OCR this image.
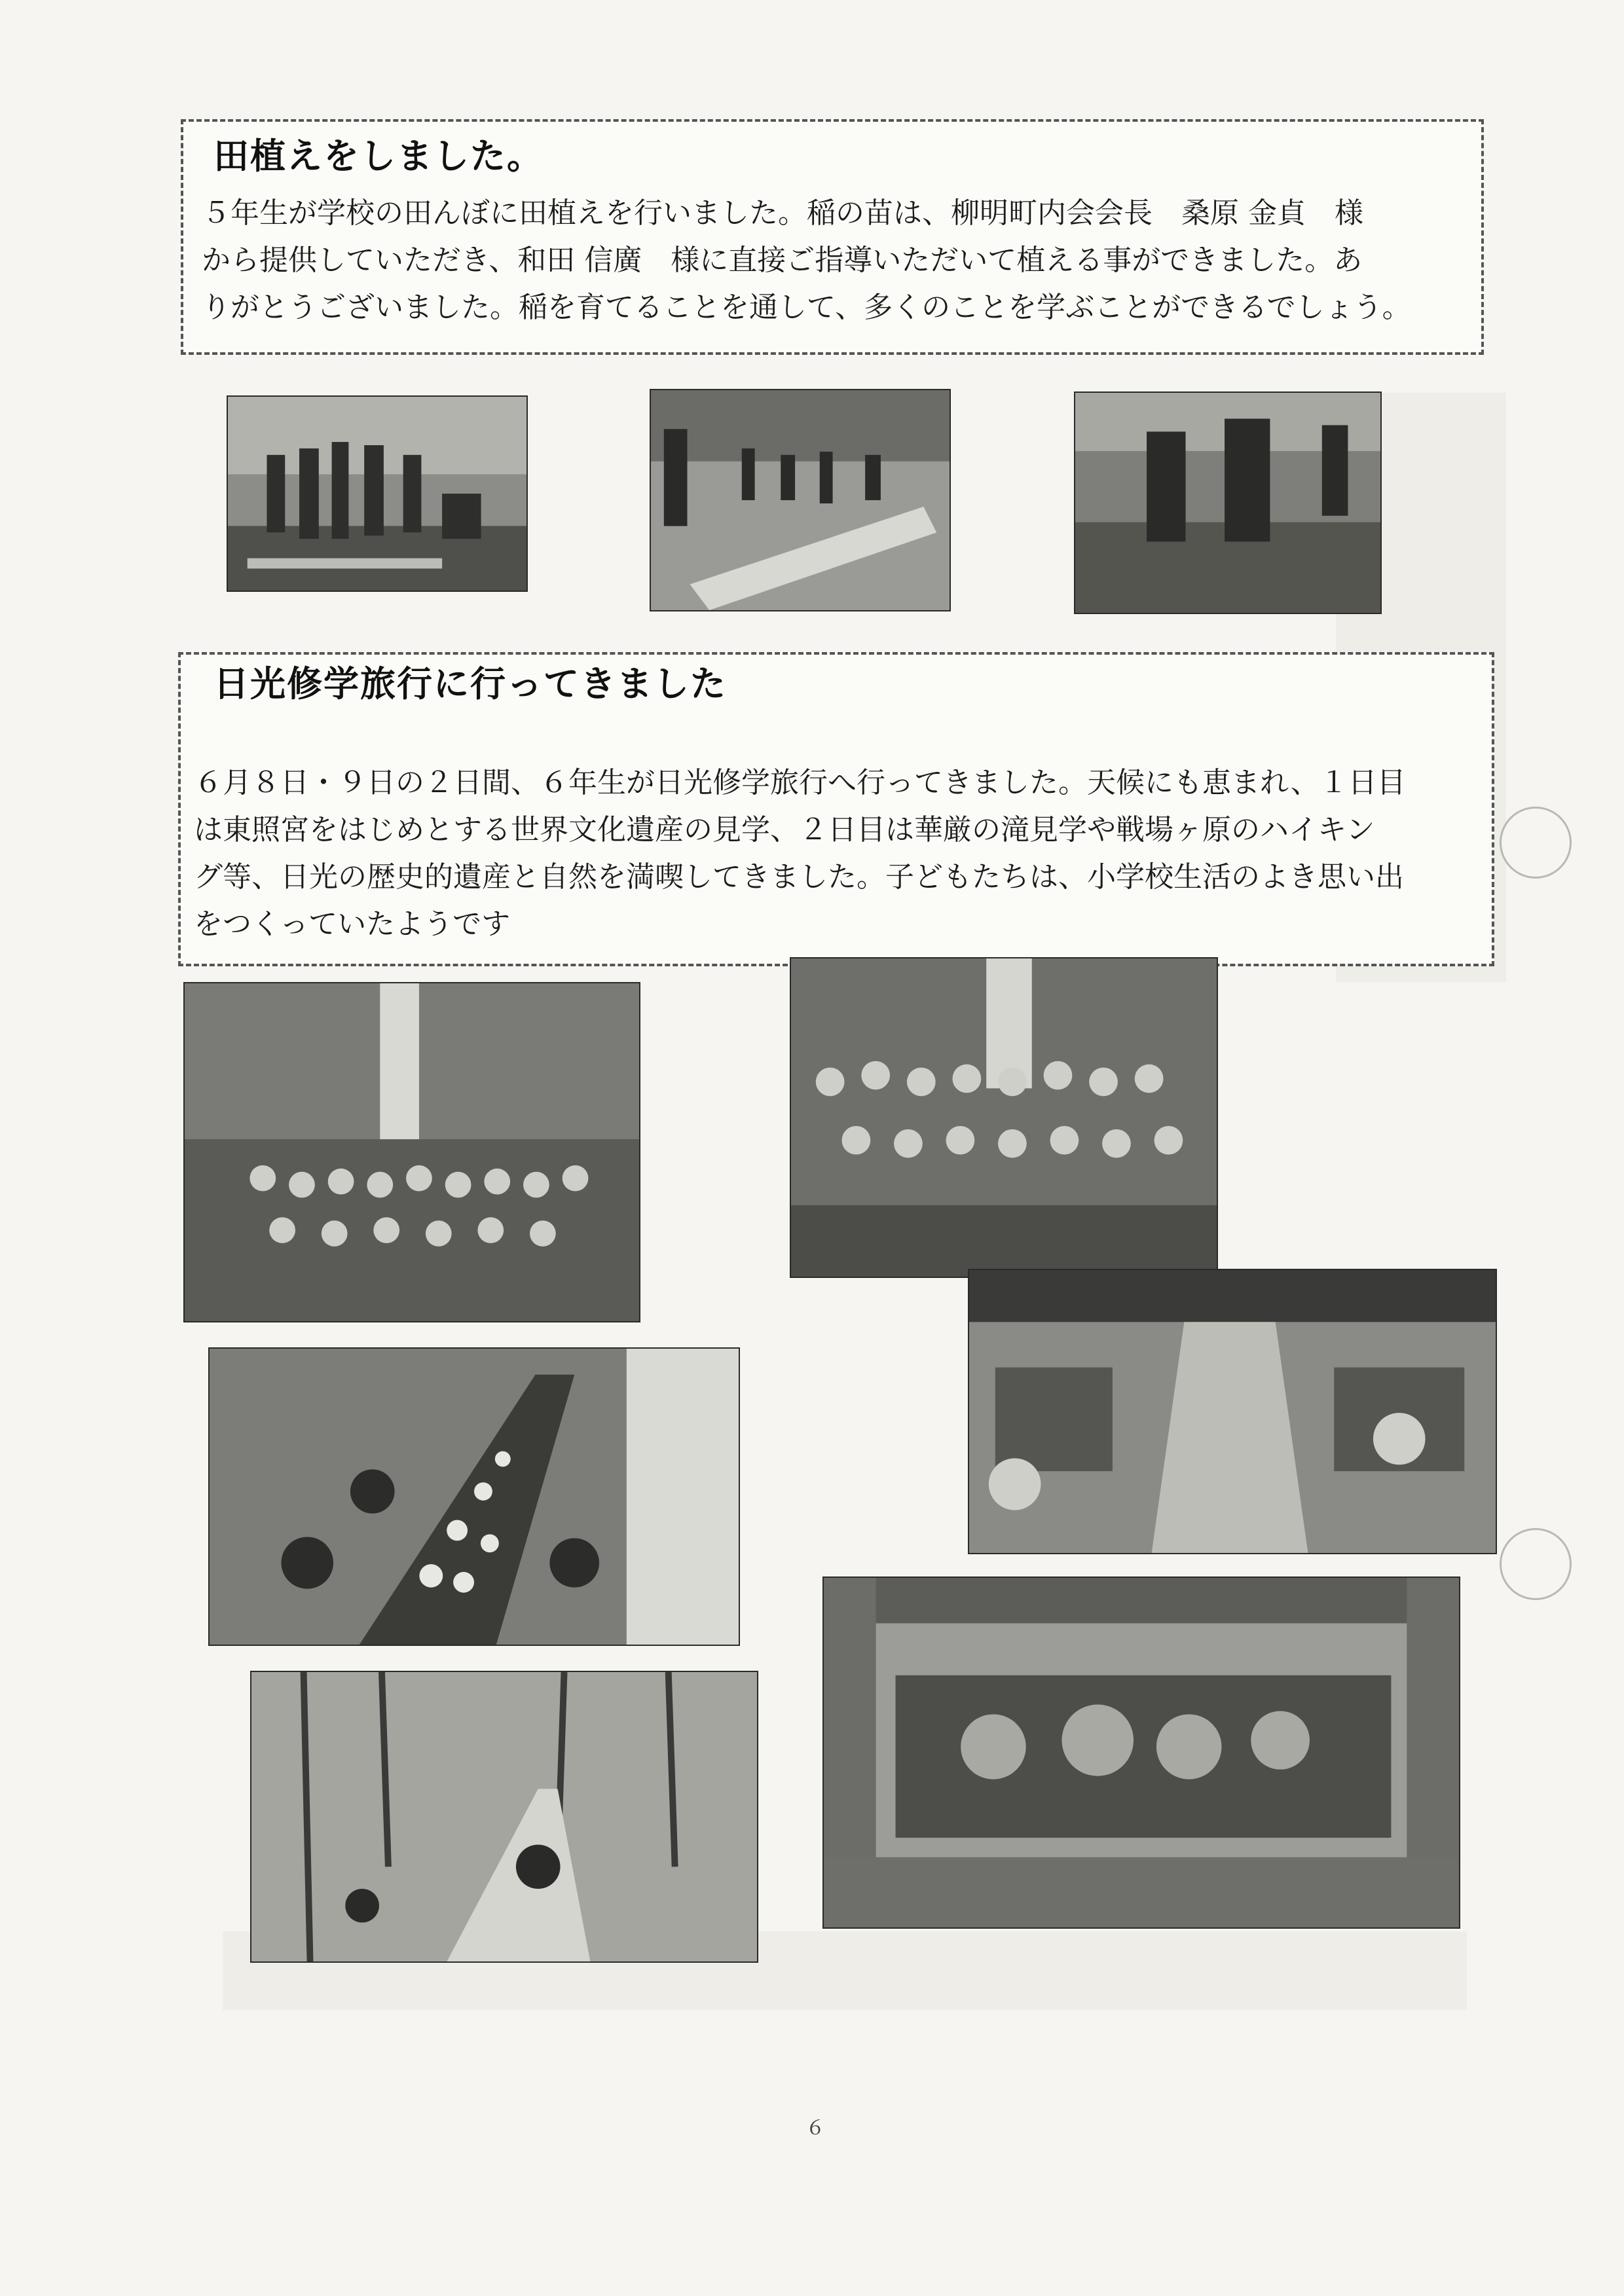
田植えをしました。

５年生が学校の田んぼに田植えを行いました。稲の苗は、柳明町内会会長　桑原 金貞　様

から提供していただき、和田 信廣　様に直接ご指導いただいて植える事ができました。あ

りがとうございました。稲を育てることを通して、多くのことを学ぶことができるでしょう。

日光修学旅行に行ってきました

６月８日・９日の２日間、６年生が日光修学旅行へ行ってきました。天候にも恵まれ、１日目

は東照宮をはじめとする世界文化遺産の見学、２日目は華厳の滝見学や戦場ヶ原のハイキン

グ等、日光の歴史的遺産と自然を満喫してきました。子どもたちは、小学校生活のよき思い出

をつくっていたようです

６
